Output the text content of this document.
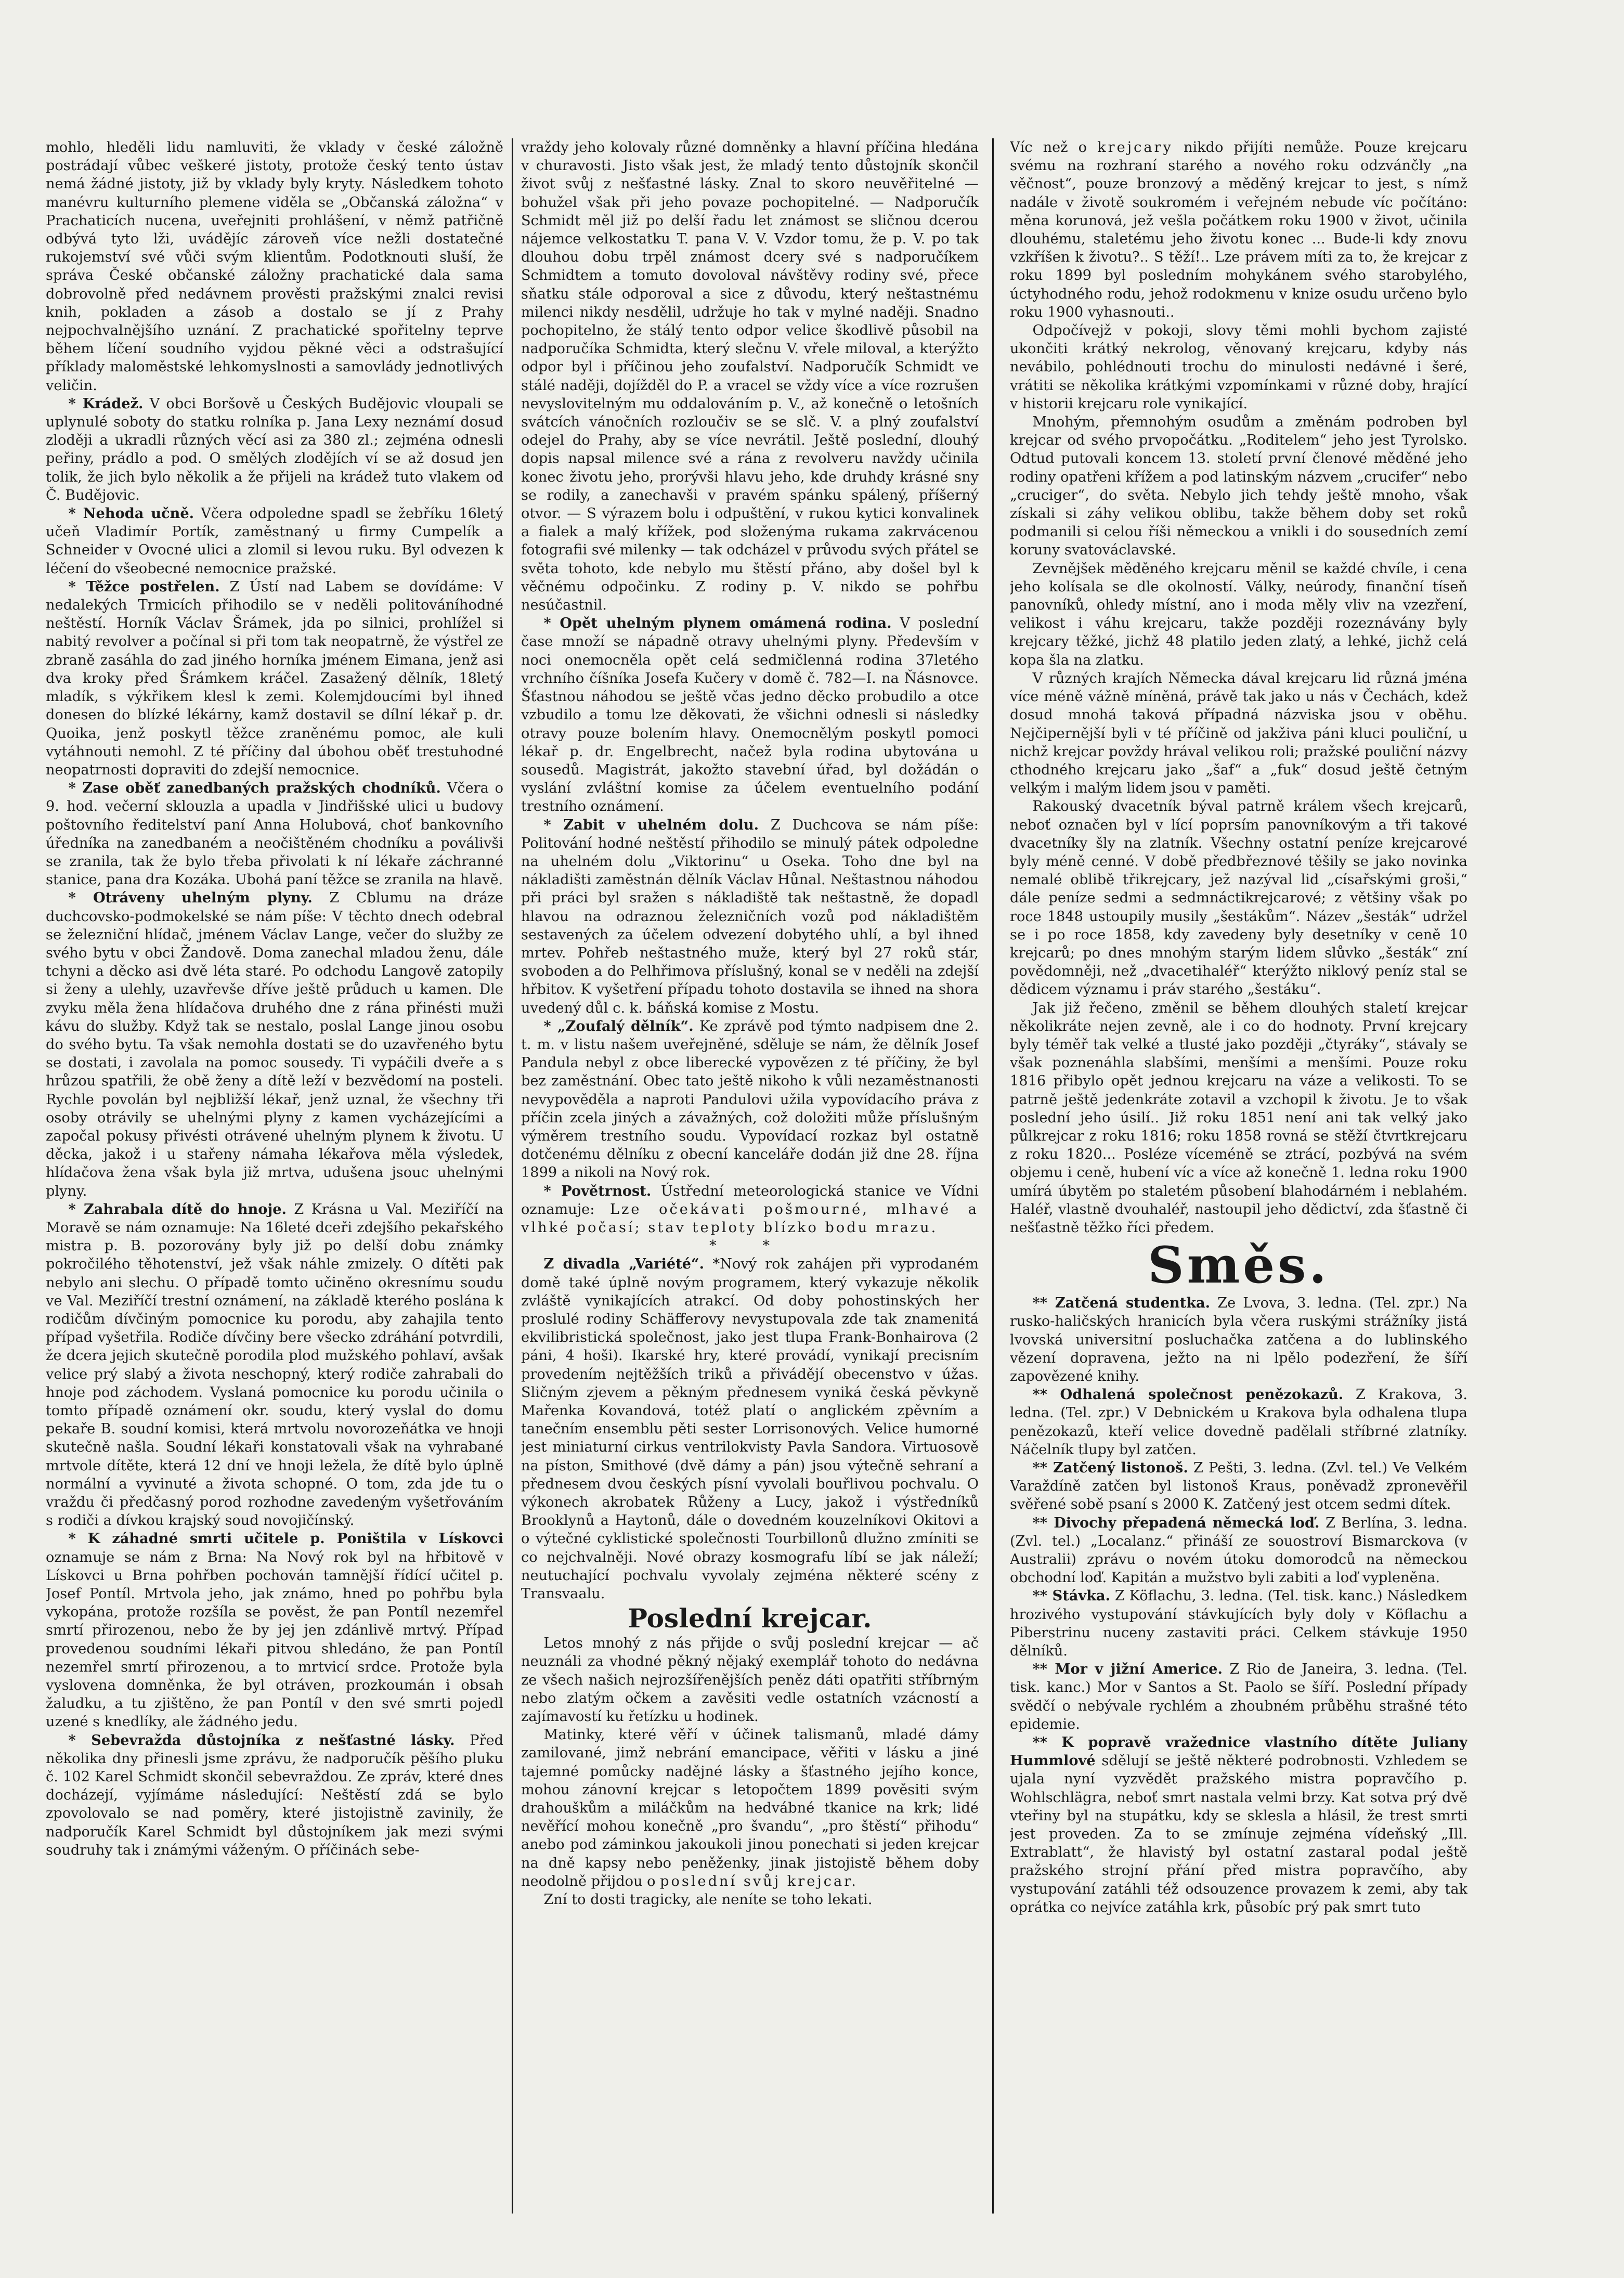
mohlo, hleděli lidu namluviti, že vklady v české záložně postrádají vůbec veškeré jistoty, protože český tento ústav nemá žádné jistoty, již by vklady byly kryty. Následkem tohoto manévru kulturního plemene viděla se „Občanská záložna“ v Prachaticích nucena, uveřejniti prohlášení, v němž patřičně odbývá tyto lži, uvádějíc zároveň více nežli dostatečné rukojemství své vůči svým klientům. Podotknouti sluší, že správa České občanské záložny prachatické dala sama dobrovolně před nedávnem prověsti pražskými znalci revisi knih, pokladen a zásob a dostalo se jí z Prahy nejpochvalnějšího uznání. Z prachatické spořitelny teprve během líčení soudního vyjdou pěkné věci a odstrašující příklady maloměstské lehkomyslnosti a samovlády jednotlivých veličin.

* Krádež. V obci Boršově u Českých Budějovic vloupali se uplynulé soboty do statku rolníka p. Jana Lexy neznámí dosud zloději a ukradli různých věcí asi za 380 zl.; zejména odnesli peřiny, prádlo a pod. O smělých zlodějích ví se až dosud jen tolik, že jich bylo několik a že přijeli na krádež tuto vlakem od Č. Budějovic.

* Nehoda učně. Včera odpoledne spadl se žebříku 16letý učeň Vladimír Portík, zaměstnaný u firmy Cumpelík a Schneider v Ovocné ulici a zlomil si levou ruku. Byl odvezen k léčení do všeobecné nemocnice pražské.

* Těžce postřelen. Z Ústí nad Labem se dovídáme: V nedalekých Trmicích přihodilo se v neděli politováníhodné neštěstí. Horník Václav Šrámek, jda po silnici, prohlížel si nabitý revolver a počínal si při tom tak neopatrně, že výstřel ze zbraně zasáhla do zad jiného horníka jménem Eimana, jenž asi dva kroky před Šrámkem kráčel. Zasažený dělník, 18letý mladík, s výkřikem klesl k zemi. Kolemjdoucími byl ihned donesen do blízké lékárny, kamž dostavil se dílní lékař p. dr. Quoika, jenž poskytl těžce zraněnému pomoc, ale kuli vytáhnouti nemohl. Z té příčiny dal úbohou oběť trestuhodné neopatrnosti dopraviti do zdejší nemocnice.

* Zase oběť zanedbaných pražských chodníků. Včera o 9. hod. večerní sklouzla a upadla v Jindřišské ulici u budovy poštovního ředitelství paní Anna Holubová, choť bankovního úředníka na zanedbaném a neočištěném chodníku a poválivši se zranila, tak že bylo třeba přivolati k ní lékaře záchranné stanice, pana dra Kozáka. Ubohá paní těžce se zranila na hlavě.

* Otráveny uhelným plyny. Z Cblumu na dráze duchcovsko-podmokelské se nám píše: V těchto dnech odebral se železniční hlídač, jménem Václav Lange, večer do služby ze svého bytu v obci Žandově. Doma zanechal mladou ženu, dále tchyni a děcko asi dvě léta staré. Po odchodu Langově zatopily si ženy a ulehly, uzavřevše dříve ještě průduch u kamen. Dle zvyku měla žena hlídačova druhého dne z rána přinésti muži kávu do služby. Když tak se nestalo, poslal Lange jinou osobu do svého bytu. Ta však nemohla dostati se do uzavřeného bytu se dostati, i zavolala na pomoc sousedy. Ti vypáčili dveře a s hrůzou spatřili, že obě ženy a dítě leží v bezvědomí na posteli. Rychle povolán byl nejbližší lékař, jenž uznal, že všechny tři osoby otrávily se uhelnými plyny z kamen vycházejícími a započal pokusy přivésti otrávené uhelným plynem k životu. U děcka, jakož i u stařeny námaha lékařova měla výsledek, hlídačova žena však byla již mrtva, udušena jsouc uhelnými plyny.

* Zahrabala dítě do hnoje. Z Krásna u Val. Meziříčí na Moravě se nám oznamuje: Na 16leté dceři zdejšího pekařského mistra p. B. pozorovány byly již po delší dobu známky pokročilého těhotenství, jež však náhle zmizely. O dítěti pak nebylo ani slechu. O případě tomto učiněno okresnímu soudu ve Val. Meziříčí trestní oznámení, na základě kterého poslána k rodičům dívčiným pomocnice ku porodu, aby zahajila tento případ vyšetřila. Rodiče dívčiny bere všecko zdráhání potvrdili, že dcera jejich skutečně porodila plod mužského pohlaví, avšak velice prý slabý a života neschopný, který rodiče zahrabali do hnoje pod záchodem. Vyslaná pomocnice ku porodu učinila o tomto případě oznámení okr. soudu, který vyslal do domu pekaře B. soudní komisi, která mrtvolu novorozeňátka ve hnoji skutečně našla. Soudní lékaři konstatovali však na vyhrabané mrtvole dítěte, která 12 dní ve hnoji ležela, že dítě bylo úplně normální a vyvinuté a života schopné. O tom, zda jde tu o vraždu či předčasný porod rozhodne zavedeným vyšetřováním s rodiči a dívkou krajský soud novojičínský.

* K záhadné smrti učitele p. Poništila v Lískovci oznamuje se nám z Brna: Na Nový rok byl na hřbitově v Lískovci u Brna pohřben pochován tamnější řídící učitel p. Josef Pontíl. Mrtvola jeho, jak známo, hned po pohřbu byla vykopána, protože rozšíla se pověst, že pan Pontíl nezemřel smrtí přirozenou, nebo že by jej jen zdánlivě mrtvý. Případ provedenou soudními lékaři pitvou shledáno, že pan Pontíl nezemřel smrtí přirozenou, a to mrtvicí srdce. Protože byla vyslovena domněnka, že byl otráven, prozkoumán i obsah žaludku, a tu zjištěno, že pan Pontíl v den své smrti pojedl uzené s knedlíky, ale žádného jedu.

* Sebevražda důstojníka z nešťastné lásky. Před několika dny přinesli jsme zprávu, že nadporučík pěšího pluku č. 102 Karel Schmidt skončil sebevraždou. Ze zpráv, které dnes docházejí, vyjímáme následující: Neštěstí zdá se bylo zpovolovalo se nad poměry, které jistojistně zavinily, že nadporučík Karel Schmidt byl důstojníkem jak mezi svými soudruhy tak i známými váženým. O příčinách sebe-

vraždy jeho kolovaly různé domněnky a hlavní příčina hledána v churavosti. Jisto však jest, že mladý tento důstojník skončil život svůj z nešťastné lásky. Znal to skoro neuvěřitelné — bohužel však při jeho povaze pochopitelné. — Nadporučík Schmidt měl již po delší řadu let známost se sličnou dcerou nájemce velkostatku T. pana V. V. Vzdor tomu, že p. V. po tak dlouhou dobu trpěl známost dcery své s nadporučíkem Schmidtem a tomuto dovoloval návštěvy rodiny své, přece sňatku stále odporoval a sice z důvodu, který neštastnému milenci nikdy nesdělil, udržuje ho tak v mylné naději. Snadno pochopitelno, že stálý tento odpor velice škodlivě působil na nadporučíka Schmidta, který slečnu V. vřele miloval, a kterýžto odpor byl i příčinou jeho zoufalství. Nadporučík Schmidt ve stálé naději, dojížděl do P. a vracel se vždy více a více rozrušen nevyslovitelným mu oddalováním p. V., až konečně o letošních svátcích vánočních rozloučiv se se slč. V. a plný zoufalství odejel do Prahy, aby se více nevrátil. Ještě poslední, dlouhý dopis napsal milence své a rána z revolveru navždy učinila konec životu jeho, prorývši hlavu jeho, kde druhdy krásné sny se rodily, a zanechavši v pravém spánku spálený, příšerný otvor. — S výrazem bolu i odpuštění, v rukou kytici konvalinek a fialek a malý křížek, pod složenýma rukama zakrvácenou fotografii své milenky — tak odcházel v průvodu svých přátel se světa tohoto, kde nebylo mu štěstí přáno, aby došel byl k věčnému odpočinku. Z rodiny p. V. nikdo se pohřbu nesúčastnil.

* Opět uhelným plynem omámená rodina. V poslední čase množí se nápadně otravy uhelnými plyny. Především v noci onemocněla opět celá sedmičlenná rodina 37letého vrchního číšníka Josefa Kučery v domě č. 782—I. na Ňásnovce. Šťastnou náhodou se ještě včas jedno děcko probudilo a otce vzbudilo a tomu lze děkovati, že všichni odnesli si následky otravy pouze bolením hlavy. Onemocnělým poskytl pomoci lékař p. dr. Engelbrecht, načež byla rodina ubytována u sousedů. Magistrát, jakožto stavební úřad, byl dožádán o vyslání zvláštní komise za účelem eventuelního podání trestního oznámení.

* Zabit v uhelném dolu. Z Duchcova se nám píše: Politování hodné neštěstí přihodilo se minulý pátek odpoledne na uhelném dolu „Viktorinu“ u Oseka. Toho dne byl na nákladišti zaměstnán dělník Václav Hůnal. Neštastnou náhodou při práci byl sražen s nákladiště tak neštastně, že dopadl hlavou na odraznou železničních vozů pod nákladištěm sestavených za účelem odvezení dobytého uhlí, a byl ihned mrtev. Pohřeb neštastného muže, který byl 27 roků stár, svoboden a do Pelhřimova příslušný, konal se v neděli na zdejší hřbitov. K vyšetření případu tohoto dostavila se ihned na shora uvedený důl c. k. báňská komise z Mostu.

* „Zoufalý dělník“. Ke zprávě pod týmto nadpisem dne 2. t. m. v listu našem uveřejněné, sděluje se nám, že dělník Josef Pandula nebyl z obce liberecké vypovězen z té příčiny, že byl bez zaměstnání. Obec tato ještě nikoho k vůli nezaměstnanosti nevypověděla a naproti Pandulovi užila vypovídacího práva z příčin zcela jiných a závažných, což doložiti může příslušným výměrem trestního soudu. Vypovídací rozkaz byl ostatně dotčenému dělníku z obecní kanceláře dodán již dne 28. října 1899 a nikoli na Nový rok.

* Povětrnost. Ústřední meteorologická stanice ve Vídni oznamuje: Lze očekávati pošmourné, mlhavé a vlhké počasí; stav teploty blízko bodu mrazu.

* *

Z divadla „Variété“. *Nový rok zahájen při vyprodaném domě také úplně novým programem, který vykazuje několik zvláště vynikajících atrakcí. Od doby pohostinských her proslulé rodiny Schäfferovy nevystupovala zde tak znamenitá ekvilibristická společnost, jako jest tlupa Frank-Bonhairova (2 páni, 4 hoši). Ikarské hry, které provádí, vynikají precisním provedením nejtěžších triků a přivádějí obecenstvo v úžas. Sličným zjevem a pěkným přednesem vyniká česká pěvkyně Mařenka Kovandová, totéž platí o anglickém zpěvním a tanečním ensemblu pěti sester Lorrisonových. Velice humorné jest miniaturní cirkus ventrilokvisty Pavla Sandora. Virtuosově na píston, Smithové (dvě dámy a pán) jsou výtečně sehraní a přednesem dvou českých písní vyvolali bouřlivou pochvalu. O výkonech akrobatek Růženy a Lucy, jakož i výstředníků Brooklynů a Haytonů, dále o dovedném kouzelníkovi Okitovi a o výtečné cyklistické společnosti Tourbillonů dlužno zmíniti se co nejchvalněji. Nové obrazy kosmografu líbí se jak náleží; neutuchající pochvalu vyvolaly zejména některé scény z Transvaalu.

Poslední krejcar.

Letos mnohý z nás přijde o svůj poslední krejcar — ač neuználi za vhodné pěkný nějaký exemplář tohoto do nedávna ze všech našich nejrozšířenějších peněz dáti opatřiti stříbrným nebo zlatým očkem a zavěsiti vedle ostatních vzácností a zajímavostí ku řetízku u hodinek.

Matinky, které věří v účinek talismanů, mladé dámy zamilované, jimž nebrání emancipace, věřiti v lásku a jiné tajemné pomůcky nadějné lásky a šťastného jejího konce, mohou zánovní krejcar s letopočtem 1899 pověsiti svým drahouškům a miláčkům na hedvábné tkanice na krk; lidé nevěřící mohou konečně „pro švandu“, „pro štěstí“ přihodu“ anebo pod záminkou jakoukoli jinou ponechati si jeden krejcar na dně kapsy nebo peněženky, jinak jistojistě během doby neodolně přijdou o poslední svůj krejcar.

Zní to dosti tragicky, ale neníte se toho lekati.

Víc než o krejcary nikdo přijíti nemůže. Pouze krejcaru svému na rozhraní starého a nového roku odzvánčly „na věčnost“, pouze bronzový a měděný krejcar to jest, s nímž nadále v životě soukromém i veřejném nebude víc počítáno: měna korunová, jež vešla počátkem roku 1900 v život, učinila dlouhému, staletému jeho životu konec ... Bude-li kdy znovu vzkříšen k životu?.. S těží!.. Lze právem míti za to, že krejcar z roku 1899 byl posledním mohykánem svého starobylého, úctyhodného rodu, jehož rodokmenu v knize osudu určeno bylo roku 1900 vyhasnouti..

Odpočívejž v pokoji, slovy těmi mohli bychom zajisté ukončiti krátký nekrolog, věnovaný krejcaru, kdyby nás nevábilo, pohlédnouti trochu do minulosti nedávné i šeré, vrátiti se několika krátkými vzpomínkami v různé doby, hrající v historii krejcaru role vynikající.

Mnohým, přemnohým osudům a změnám podroben byl krejcar od svého prvopočátku. „Roditelem“ jeho jest Tyrolsko. Odtud putovali koncem 13. století první členové měděné jeho rodiny opatřeni křížem a pod latinským názvem „crucifer“ nebo „cruciger“, do světa. Nebylo jich tehdy ještě mnoho, však získali si záhy velikou oblibu, takže během doby set roků podmanili si celou říši německou a vnikli i do sousedních zemí koruny svatováclavské.

Zevnějšek měděného krejcaru měnil se každé chvíle, i cena jeho kolísala se dle okolností. Války, neúrody, finanční tíseň panovníků, ohledy místní, ano i moda měly vliv na vzezření, velikost i váhu krejcaru, takže později rozeznávány byly krejcary těžké, jichž 48 platilo jeden zlatý, a lehké, jichž celá kopa šla na zlatku.

V různých krajích Německa dával krejcaru lid různá jména více méně vážně míněná, právě tak jako u nás v Čechách, kdež dosud mnohá taková případná názviska jsou v oběhu. Nejčipernější byli v té příčině od jakživa páni kluci pouliční, u nichž krejcar povždy hrával velikou roli; pražské pouliční názvy cthodného krejcaru jako „šaf“ a „fuk“ dosud ještě četným velkým i malým lidem jsou v paměti.

Rakouský dvacetník býval patrně králem všech krejcarů, neboť označen byl v lící poprsím panovníkovým a tři takové dvacetníky šly na zlatník. Všechny ostatní peníze krejcarové byly méně cenné. V době předbřeznové těšily se jako novinka nemalé oblibě třikrejcary, jež nazýval lid „císařskými groši,“ dále peníze sedmi a sedmnáctikrejcarové; z většiny však po roce 1848 ustoupily musily „šestákům“. Název „šesták“ udržel se i po roce 1858, kdy zavedeny byly desetníky v ceně 10 krejcarů; po dnes mnohým starým lidem slůvko „šesták“ zní povědomněji, než „dvacetihaléř“ kterýžto niklový peníz stal se dědicem významu i práv starého „šestáku“.

Jak již řečeno, změnil se během dlouhých staletí krejcar několikráte nejen zevně, ale i co do hodnoty. První krejcary byly téměř tak velké a tlusté jako později „čtyráky“, stávaly se však poznenáhla slabšími, menšími a menšími. Pouze roku 1816 přibylo opět jednou krejcaru na váze a velikosti. To se patrně ještě jedenkráte zotavil a vzchopil k životu. Je to však poslední jeho úsilí.. Již roku 1851 není ani tak velký jako půlkrejcar z roku 1816; roku 1858 rovná se stěží čtvrtkrejcaru z roku 1820... Posléze víceméně se ztrácí, pozbývá na svém objemu i ceně, hubení víc a více až konečně 1. ledna roku 1900 umírá úbytěm po staletém působení blahodárném i neblahém. Haléř, vlastně dvouhaléř, nastoupil jeho dědictví, zda šťastně či nešťastně těžko říci předem.

Směs.

** Zatčená studentka. Ze Lvova, 3. ledna. (Tel. zpr.) Na rusko-haličských hranicích byla včera ruskými strážníky jistá lvovská universitní posluchačka zatčena a do lublinského vězení dopravena, ježto na ni lpělo podezření, že šíří zapovězené knihy.

** Odhalená společnost penězokazů. Z Krakova, 3. ledna. (Tel. zpr.) V Debnickém u Krakova byla odhalena tlupa penězokazů, kteří velice dovedně padělali stříbrné zlatníky. Náčelník tlupy byl zatčen.

** Zatčený listonoš. Z Pešti, 3. ledna. (Zvl. tel.) Ve Velkém Varaždíně zatčen byl listonoš Kraus, poněvadž zpronevěřil svěřené sobě psaní s 2000 K. Zatčený jest otcem sedmi dítek.

** Divochy přepadená německá loď. Z Berlína, 3. ledna. (Zvl. tel.) „Localanz.“ přináší ze souostroví Bismarckova (v Australii) zprávu o novém útoku domorodců na německou obchodní loď. Kapitán a mužstvo byli zabiti a loď vypleněna.

** Stávka. Z Köflachu, 3. ledna. (Tel. tisk. kanc.) Následkem hrozivého vystupování stávkujících byly doly v Köflachu a Piberstrinu nuceny zastaviti práci. Celkem stávkuje 1950 dělníků.

** Mor v jižní Americe. Z Rio de Janeira, 3. ledna. (Tel. tisk. kanc.) Mor v Santos a St. Paolo se šíří. Poslední případy svědčí o nebývale rychlém a zhoubném průběhu strašné této epidemie.

** K popravě vražednice vlastního dítěte Juliany Hummlové sdělují se ještě některé podrobnosti. Vzhledem se ujala nyní vyzvědět pražského mistra popravčího p. Wohlschlägra, neboť smrt nastala velmi brzy. Kat sotva prý dvě vteřiny byl na stupátku, kdy se sklesla a hlásil, že trest smrti jest proveden. Za to se zmínuje zejména vídeňský „Ill. Extrablatt“, že hlavistý byl ostatní zastaral podal ještě pražského strojní přání před mistra popravčího, aby vystupování zatáhli též odsouzence provazem k zemi, aby tak oprátka co nejvíce zatáhla krk, působíc prý pak smrt tuto
